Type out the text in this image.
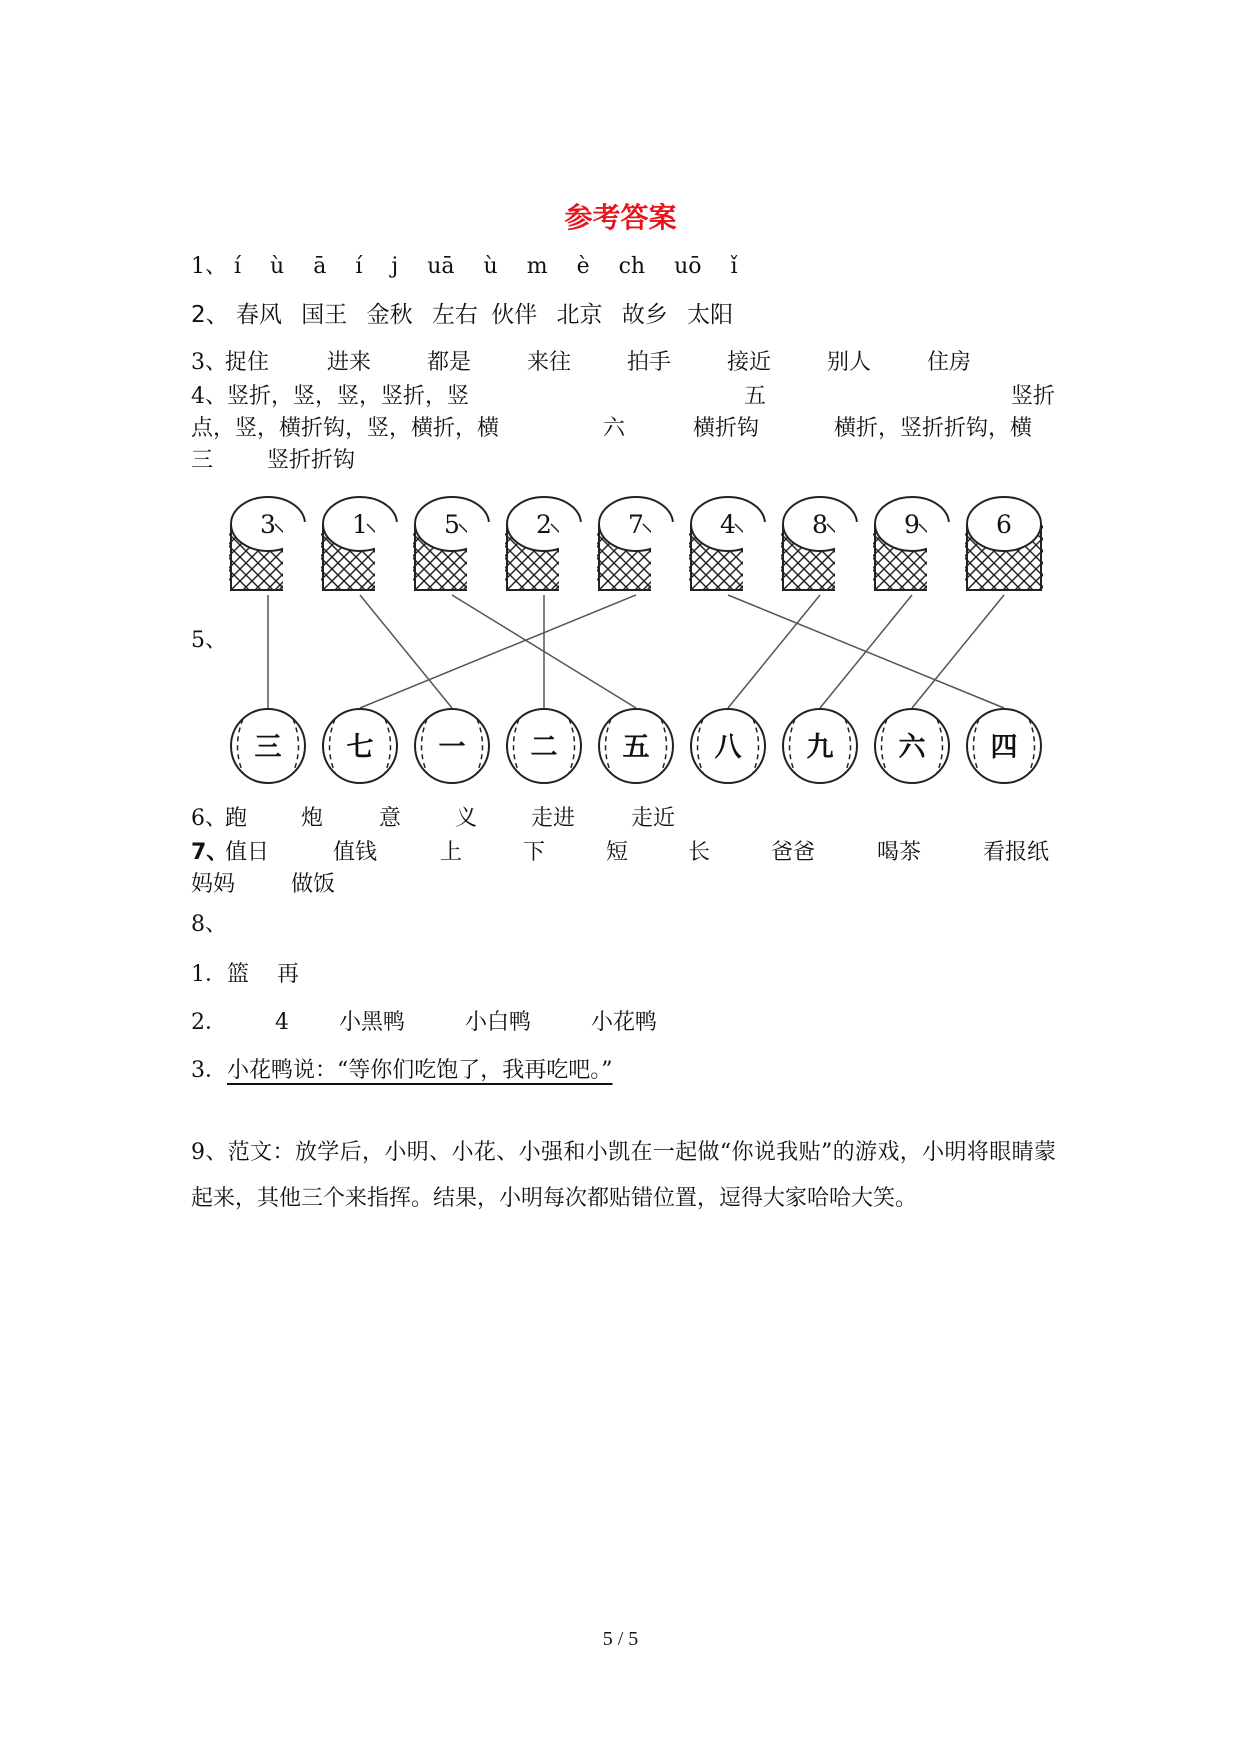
参考答案
1、 í ù ā í j uā ù m è ch uō ǐ
2、 春风 国王 金秋 左右 伙伴 北京 故乡 太阳
3、
捉住	进来	都是	来往	拍手	接近	别人	住房
4、竖折，竖，竖，竖折，竖	五	竖折
点，竖，横折钩，竖，横折，横	六	横折钩	横折，竖折折钩，横
三 竖折折钩
5、
3	1	5	2	7	4	8	9	6
三 七 一 二 五 八 九 六 四
6、
跑 炮	意 义 走进	走近
7、
值日	值钱	上	下	短	长	爸爸	喝茶	看报纸
妈妈	做饭
8、
1． 篮 再
2． 4 小黑鸭	小白鸭	小花鸭
3．小花鸭说：“等你们吃饱了，我再吃吧。”
9、范文：放学后，小明、小花、小强和小凯在一起做“你说我贴”的游戏，小明将眼睛蒙起来，其他三个来指挥。结果，小明每次都贴错位置，逗得大家哈哈大笑。
5 / 5
